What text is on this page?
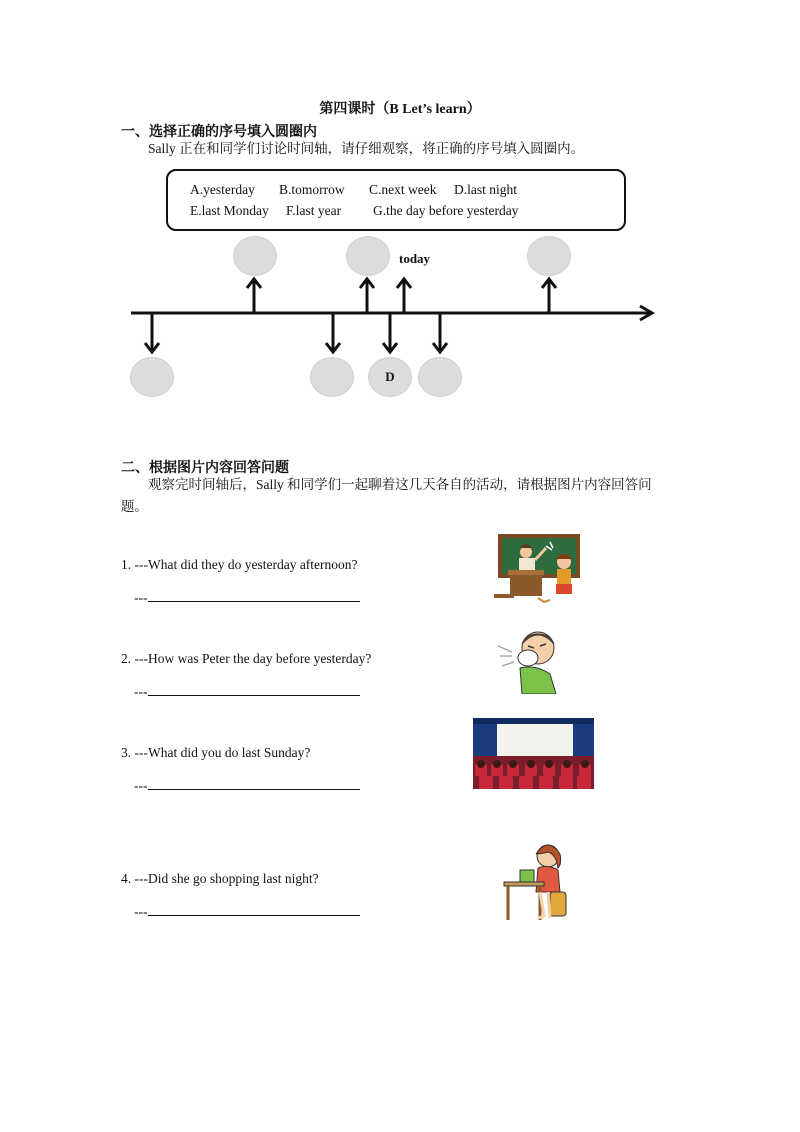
第四课时（B Let’s learn）
一、选择正确的序号填入圆圈内
Sally 正在和同学们讨论时间轴，请仔细观察，将正确的序号填入圆圈内。
A.yesterday B.tomorrow C.next week D.last night
E.last Monday F.last year G.the day before yesterday
D
today
二、根据图片内容回答问题
观察完时间轴后，Sally 和同学们一起聊着这几天各自的活动，请根据图片内容回答问
题。
1. ---What did they do yesterday afternoon?
---
2. ---How was Peter the day before yesterday?
---
3. ---What did you do last Sunday?
---
4. ---Did she go shopping last night?
---
